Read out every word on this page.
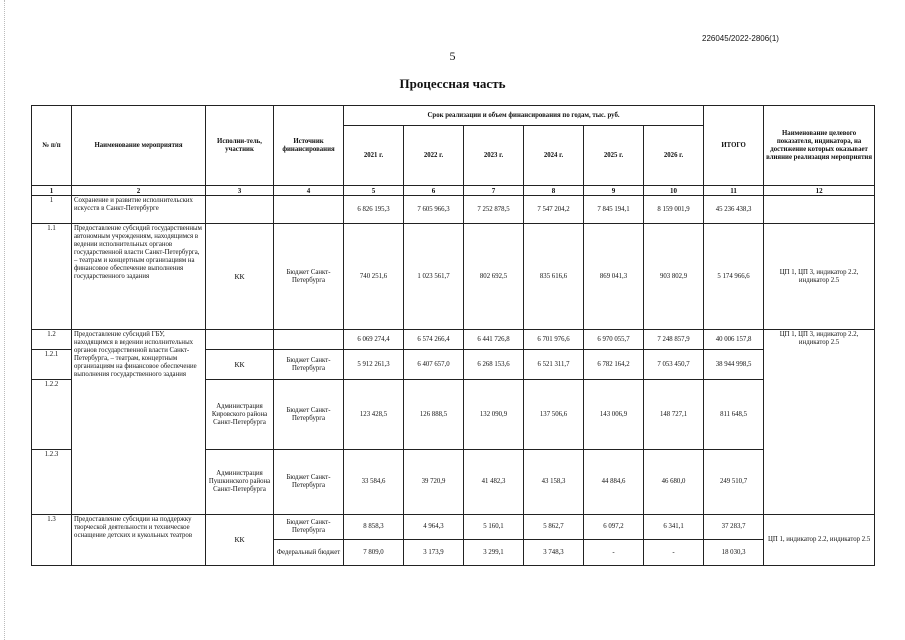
226045/2022-2806(1)
5
Процессная часть
№ п/п	Наименование мероприятия	Исполни-тель, участник	Источник финансирования	Срок реализации и объем финансирования по годам, тыс. руб.						ИТОГО	Наименование целевого показателя, индикатора, на достижение которых оказывает влияние реализация мероприятия
				2021 г.	2022 г.	2023 г.	2024 г.	2025 г.	2026 г.		
1	2	3	4	5	6	7	8	9	10	11	12
1	Сохранение и развитие исполнительских искусств в Санкт-Петербурге			6 826 195,3	7 605 966,3	7 252 878,5	7 547 204,2	7 845 194,1	8 159 001,9	45 236 438,3	
1.1	Предоставление субсидий государственным автономным учреждениям, находящимся в ведении исполнительных органов государственной власти Санкт-Петербурга, – театрам и концертным организациям на финансовое обеспечение выполнения государственного задания	КК	Бюджет Санкт-Петербурга	740 251,6	1 023 561,7	802 692,5	835 616,6	869 041,3	903 802,9	5 174 966,6	ЦП 1, ЦП 3, индикатор 2.2, индикатор 2.5
1.2	Предоставление субсидий ГБУ, находящимся в ведении исполнительных органов государственной власти Санкт-Петербурга, – театрам, концертным организациям на финансовое обеспечение выполнения государственного задания			6 069 274,4	6 574 266,4	6 441 726,8	6 701 976,6	6 970 055,7	7 248 857,9	40 006 157,8	ЦП 1, ЦП 3, индикатор 2.2, индикатор 2.5
1.2.1		КК	Бюджет Санкт-Петербурга	5 912 261,3	6 407 657,0	6 268 153,6	6 521 311,7	6 782 164,2	7 053 450,7	38 944 998,5	
1.2.2		Администрация Кировского района Санкт-Петербурга	Бюджет Санкт-Петербурга	123 428,5	126 888,5	132 090,9	137 506,6	143 006,9	148 727,1	811 648,5	
1.2.3		Администрация Пушкинского района Санкт-Петербурга	Бюджет Санкт-Петербурга	33 584,6	39 720,9	41 482,3	43 158,3	44 884,6	46 680,0	249 510,7	
1.3	Предоставление субсидии на поддержку творческой деятельности и техническое оснащение детских и кукольных театров	КК	Бюджет Санкт-Петербурга	8 858,3	4 964,3	5 160,1	5 862,7	6 097,2	6 341,1	37 283,7	ЦП 1, индикатор 2.2, индикатор 2.5
			Федеральный бюджет	7 809,0	3 173,9	3 299,1	3 748,3	-	-	18 030,3	
